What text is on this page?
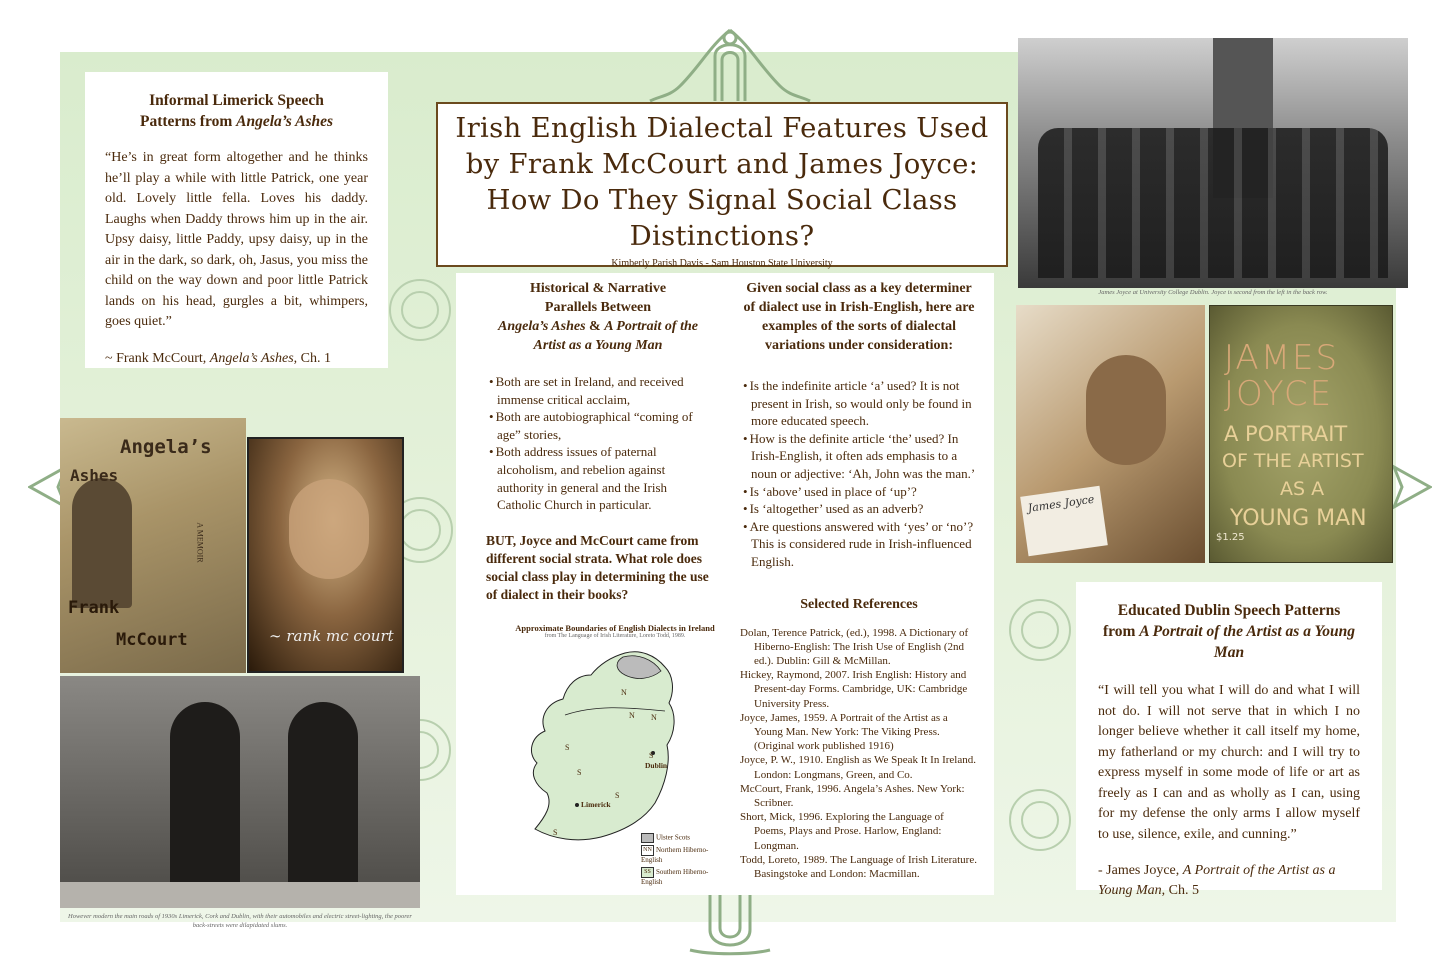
Informal Limerick Speech
Patterns from Angela’s Ashes

“He’s in great form altogether and he thinks he’ll play a while with little Patrick, one year old. Lovely little fella. Loves his daddy. Laughs when Daddy throws him up in the air. Upsy daisy, little Paddy, upsy daisy, up in the air in the dark, so dark, oh, Jasus, you miss the child on the way down and poor little Patrick lands on his head, gurgles a bit, whimpers, goes quiet.”

~ Frank McCourt, Angela’s Ashes, Ch. 1

Irish English Dialectal Features Used by Frank McCourt and James Joyce: How Do They Signal Social Class Distinctions?

Kimberly Parish Davis - Sam Houston State University

Historical & Narrative
Parallels Between
Angela’s Ashes & A Portrait of the Artist as a Young Man

• Both are set in Ireland, and received immense critical acclaim,
• Both are autobiographical “coming of age” stories,
• Both address issues of paternal alcoholism, and rebelion against authority in general and the Irish Catholic Church in particular.

BUT, Joyce and McCourt came from different social strata. What role does social class play in determining the use of dialect in their books?

Approximate Boundaries of English Dialects in Ireland
from The Language of Irish Literature, Loreto Todd, 1989.
N
N N
S
S
S
S
S
Dublin
Limerick
Ulster Scots
NN Northern Hiberno-English
SS Southern Hiberno-English

Given social class as a key determiner of dialect use in Irish-English, here are examples of the sorts of dialectal variations under consideration:

• Is the indefinite article ‘a’ used? It is not present in Irish, so would only be found in more educated speech.
• How is the definite article ‘the’ used? In Irish-English, it often ads emphasis to a noun or adjective: ‘Ah, John was the man.’
• Is ‘above’ used in place of ‘up’?
• Is ‘altogether’ used as an adverb?
• Are questions answered with ‘yes’ or ‘no’? This is considered rude in Irish-influenced English.

Selected References

Dolan, Terence Patrick, (ed.), 1998. A Dictionary of Hiberno-English: The Irish Use of English (2nd ed.). Dublin: Gill & McMillan.

Hickey, Raymond, 2007. Irish English: History and Present-day Forms. Cambridge, UK: Cambridge University Press.

Joyce, James, 1959. A Portrait of the Artist as a Young Man. New York: The Viking Press. (Original work published 1916)

Joyce, P. W., 1910. English as We Speak It In Ireland. London: Longmans, Green, and Co.

McCourt, Frank, 1996. Angela’s Ashes. New York: Scribner.

Short, Mick, 1996. Exploring the Language of Poems, Plays and Prose. Harlow, England: Longman.

Todd, Loreto, 1989. The Language of Irish Literature. Basingstoke and London: Macmillan.

Educated Dublin Speech Patterns
from A Portrait of the Artist as a Young Man

“I will tell you what I will do and what I will not do. I will not serve that in which I no longer believe whether it call itself my home, my fatherland or my church: and I will try to express myself in some mode of life or art as freely as I can and as wholly as I can, using for my defense the only arms I allow myself to use, silence, exile, and cunning.”

- James Joyce, A Portrait of the Artist as a Young Man, Ch. 5

Angela’s
Ashes
A MEMOIR
Frank
McCourt	∼ rank mc court
However modern the main roads of 1930s Limerick, Cork and Dublin, with their automobiles and electric street-lighting, the poorer back-streets were dilapidated slums.
James Joyce at University College Dublin. Joyce is second from the left in the back row.
James Joyce
JAMES
JOYCE
A PORTRAIT
OF THE ARTIST
AS A
YOUNG MAN
$1.25
